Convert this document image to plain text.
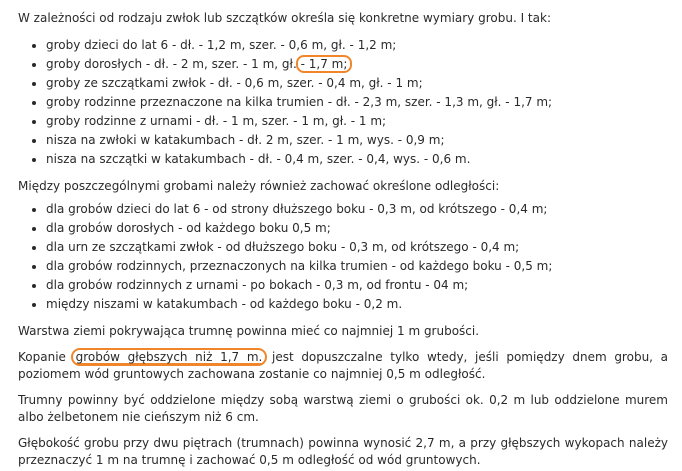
W zależności od rodzaju zwłok lub szczątków określa się konkretne wymiary grobu. I tak:

groby dzieci do lat 6 - dł. - 1,2 m, szer. - 0,6 m, gł. - 1,2 m;
groby dorosłych - dł. - 2 m, szer. - 1 m, gł. - 1,7 m;
groby ze szczątkami zwłok - dł. - 0,6 m, szer. - 0,4 m, gł. - 1 m;
groby rodzinne przeznaczone na kilka trumien - dł. - 2,3 m, szer. - 1,3 m, gł. - 1,7 m;
groby rodzinne z urnami - dł. - 1 m, szer. - 1 m, gł. - 1 m;
nisza na zwłoki w katakumbach - dł. 2 m, szer. - 1 m, wys. - 0,9 m;
nisza na szczątki w katakumbach - dł. - 0,4 m, szer. - 0,4, wys. - 0,6 m.

Między poszczególnymi grobami należy również zachować określone odległości:

dla grobów dzieci do lat 6 - od strony dłuższego boku - 0,3 m, od krótszego - 0,4 m;
dla grobów dorosłych - od każdego boku 0,5 m;
dla urn ze szczątkami zwłok - od dłuższego boku - 0,3 m, od krótszego - 0,4 m;
dla grobów rodzinnych, przeznaczonych na kilka trumien - od każdego boku - 0,5 m;
dla grobów rodzinnych z urnami - po bokach - 0,3 m, od frontu - 04 m;
między niszami w katakumbach - od każdego boku - 0,2 m.

Warstwa ziemi pokrywająca trumnę powinna mieć co najmniej 1 m grubości.

Kopanie grobów głębszych niż 1,7 m. jest dopuszczalne tylko wtedy, jeśli pomiędzy dnem grobu, a poziomem wód gruntowych zachowana zostanie co najmniej 0,5 m odległość.

Trumny powinny być oddzielone między sobą warstwą ziemi o grubości ok. 0,2 m lub oddzielone murem albo żelbetonem nie cieńszym niż 6 cm.

Głębokość grobu przy dwu piętrach (trumnach) powinna wynosić 2,7 m, a przy głębszych wykopach należy przeznaczyć 1 m na trumnę i zachować 0,5 m odległość od wód gruntowych.
